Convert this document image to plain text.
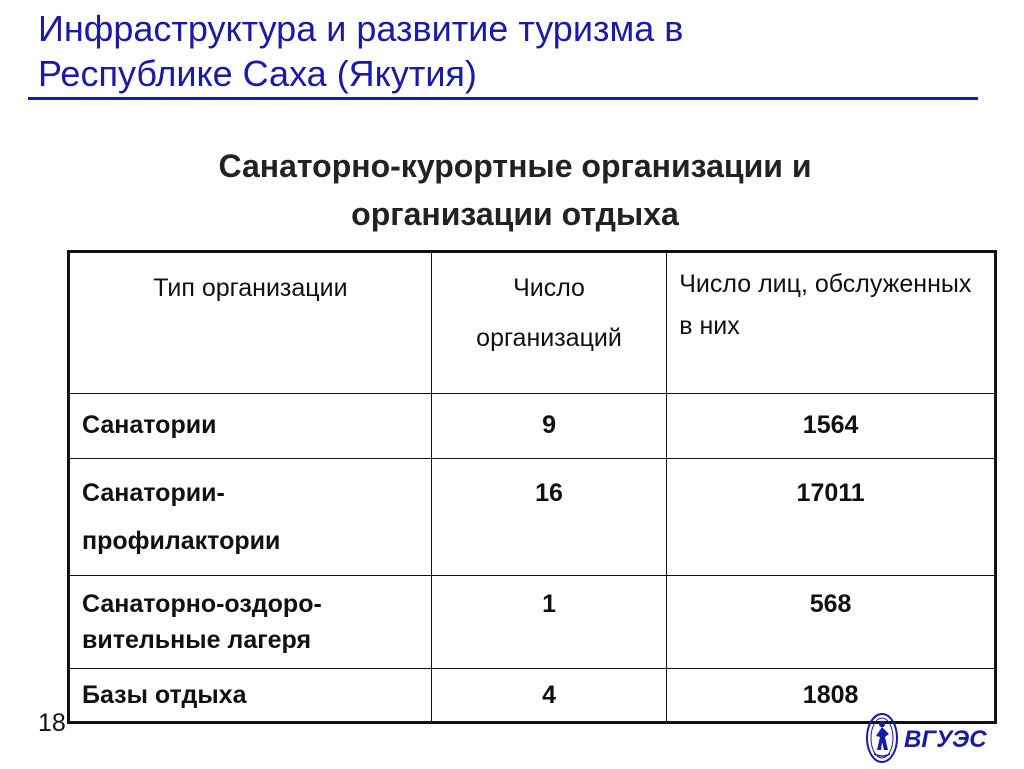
Инфраструктура и развитие туризма в
Республике Саха (Якутия)
Санаторно-курортные организации и
организации отдыха
Тип организации	Число организаций	Число лиц, обслуженных в них
Санатории	9	1564
Санатории-профилактории	16	17011
Санаторно-оздоро-вительные лагеря	1	568
Базы отдыха	4	1808
18
ВГУЭС
